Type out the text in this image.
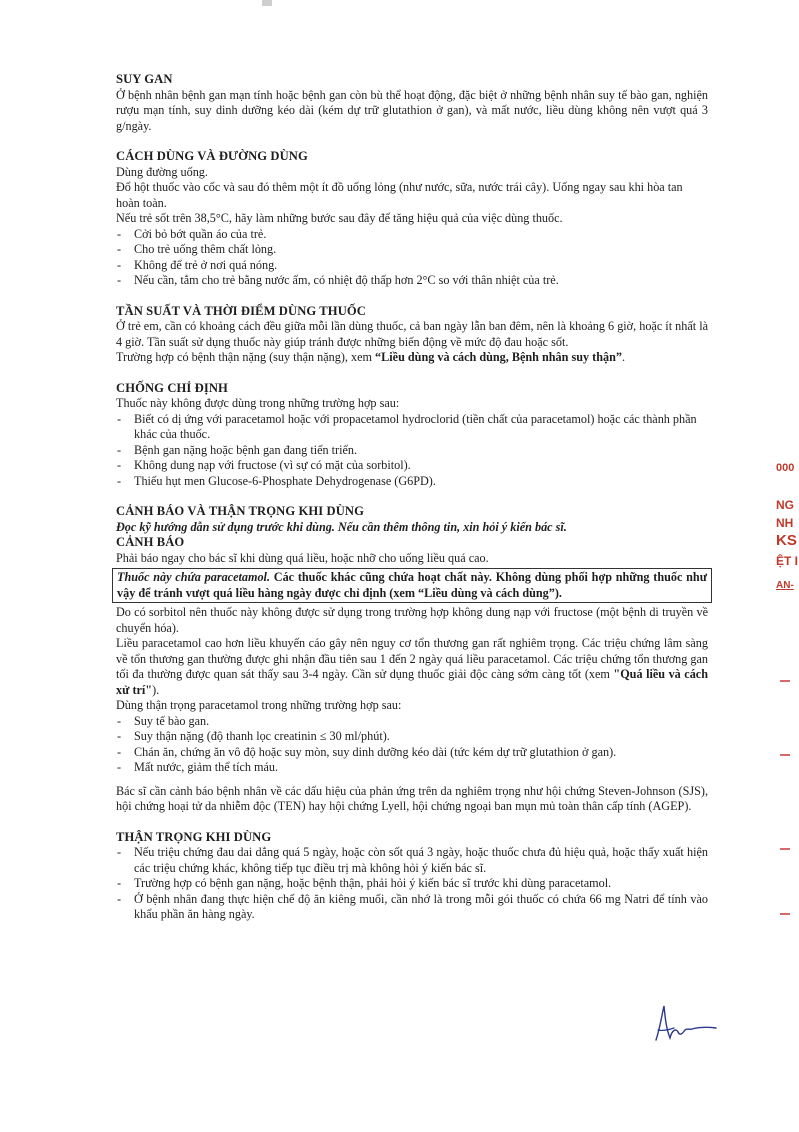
SUY GAN

Ở bệnh nhân bệnh gan mạn tính hoặc bệnh gan còn bù thể hoạt động, đặc biệt ở những bệnh nhân suy tế bào gan, nghiện rượu mạn tính, suy dinh dưỡng kéo dài (kém dự trữ glutathion ở gan), và mất nước, liều dùng không nên vượt quá 3 g/ngày.

CÁCH DÙNG VÀ ĐƯỜNG DÙNG

Dùng đường uống.

Đổ hột thuốc vào cốc và sau đó thêm một ít đồ uống lỏng (như nước, sữa, nước trái cây). Uống ngay sau khi hòa tan hoàn toàn.

Nếu trẻ sốt trên 38,5°C, hãy làm những bước sau đây để tăng hiệu quả của việc dùng thuốc.

- Cởi bỏ bớt quần áo của trẻ.
- Cho trẻ uống thêm chất lỏng.
- Không để trẻ ở nơi quá nóng.
- Nếu cần, tắm cho trẻ bằng nước ấm, có nhiệt độ thấp hơn 2°C so với thân nhiệt của trẻ.
TẦN SUẤT VÀ THỜI ĐIỂM DÙNG THUỐC

Ở trẻ em, cần có khoảng cách đều giữa mỗi lần dùng thuốc, cả ban ngày lẫn ban đêm, nên là khoảng 6 giờ, hoặc ít nhất là 4 giờ. Tần suất sử dụng thuốc này giúp tránh được những biến động về mức độ đau hoặc sốt.

Trường hợp có bệnh thận nặng (suy thận nặng), xem “Liều dùng và cách dùng, Bệnh nhân suy thận”.

CHỐNG CHỈ ĐỊNH

Thuốc này không được dùng trong những trường hợp sau:

- Biết có dị ứng với paracetamol hoặc với propacetamol hydroclorid (tiền chất của paracetamol) hoặc các thành phần khác của thuốc.
- Bệnh gan nặng hoặc bệnh gan đang tiến triển.
- Không dung nạp với fructose (vì sự có mặt của sorbitol).
- Thiếu hụt men Glucose-6-Phosphate Dehydrogenase (G6PD).
CẢNH BÁO VÀ THẬN TRỌNG KHI DÙNG

Đọc kỹ hướng dẫn sử dụng trước khi dùng. Nếu cần thêm thông tin, xin hỏi ý kiến bác sĩ.

CẢNH BÁO

Phải báo ngay cho bác sĩ khi dùng quá liều, hoặc nhỡ cho uống liều quá cao.

Thuốc này chứa paracetamol. Các thuốc khác cũng chứa hoạt chất này. Không dùng phối hợp những thuốc như vậy để tránh vượt quá liều hàng ngày được chỉ định (xem “Liều dùng và cách dùng”).

Do có sorbitol nên thuốc này không được sử dụng trong trường hợp không dung nạp với fructose (một bệnh di truyền về chuyển hóa).

Liều paracetamol cao hơn liều khuyến cáo gây nên nguy cơ tổn thương gan rất nghiêm trọng. Các triệu chứng lâm sàng về tổn thương gan thường được ghi nhận đầu tiên sau 1 đến 2 ngày quá liều paracetamol. Các triệu chứng tổn thương gan tối đa thường được quan sát thấy sau 3-4 ngày. Cần sử dụng thuốc giải độc càng sớm càng tốt (xem "Quá liều và cách xử trí").

Dùng thận trọng paracetamol trong những trường hợp sau:

- Suy tế bào gan.
- Suy thận nặng (độ thanh lọc creatinin ≤ 30 ml/phút).
- Chán ăn, chứng ăn vô độ hoặc suy mòn, suy dinh dưỡng kéo dài (tức kém dự trữ glutathion ở gan).
- Mất nước, giảm thể tích máu.

Bác sĩ cần cảnh báo bệnh nhân về các dấu hiệu của phản ứng trên da nghiêm trọng như hội chứng Steven-Johnson (SJS), hội chứng hoại tử da nhiễm độc (TEN) hay hội chứng Lyell, hội chứng ngoại ban mụn mủ toàn thân cấp tính (AGEP).

THẬN TRỌNG KHI DÙNG
- Nếu triệu chứng đau dai dẳng quá 5 ngày, hoặc còn sốt quá 3 ngày, hoặc thuốc chưa đủ hiệu quả, hoặc thấy xuất hiện các triệu chứng khác, không tiếp tục điều trị mà không hỏi ý kiến bác sĩ.
- Trường hợp có bệnh gan nặng, hoặc bệnh thận, phải hỏi ý kiến bác sĩ trước khi dùng paracetamol.
- Ở bệnh nhân đang thực hiện chế độ ăn kiêng muối, cần nhớ là trong mỗi gói thuốc có chứa 66 mg Natri để tính vào khẩu phần ăn hàng ngày.
000
NG
NH
KS
ỆT I
AN-
